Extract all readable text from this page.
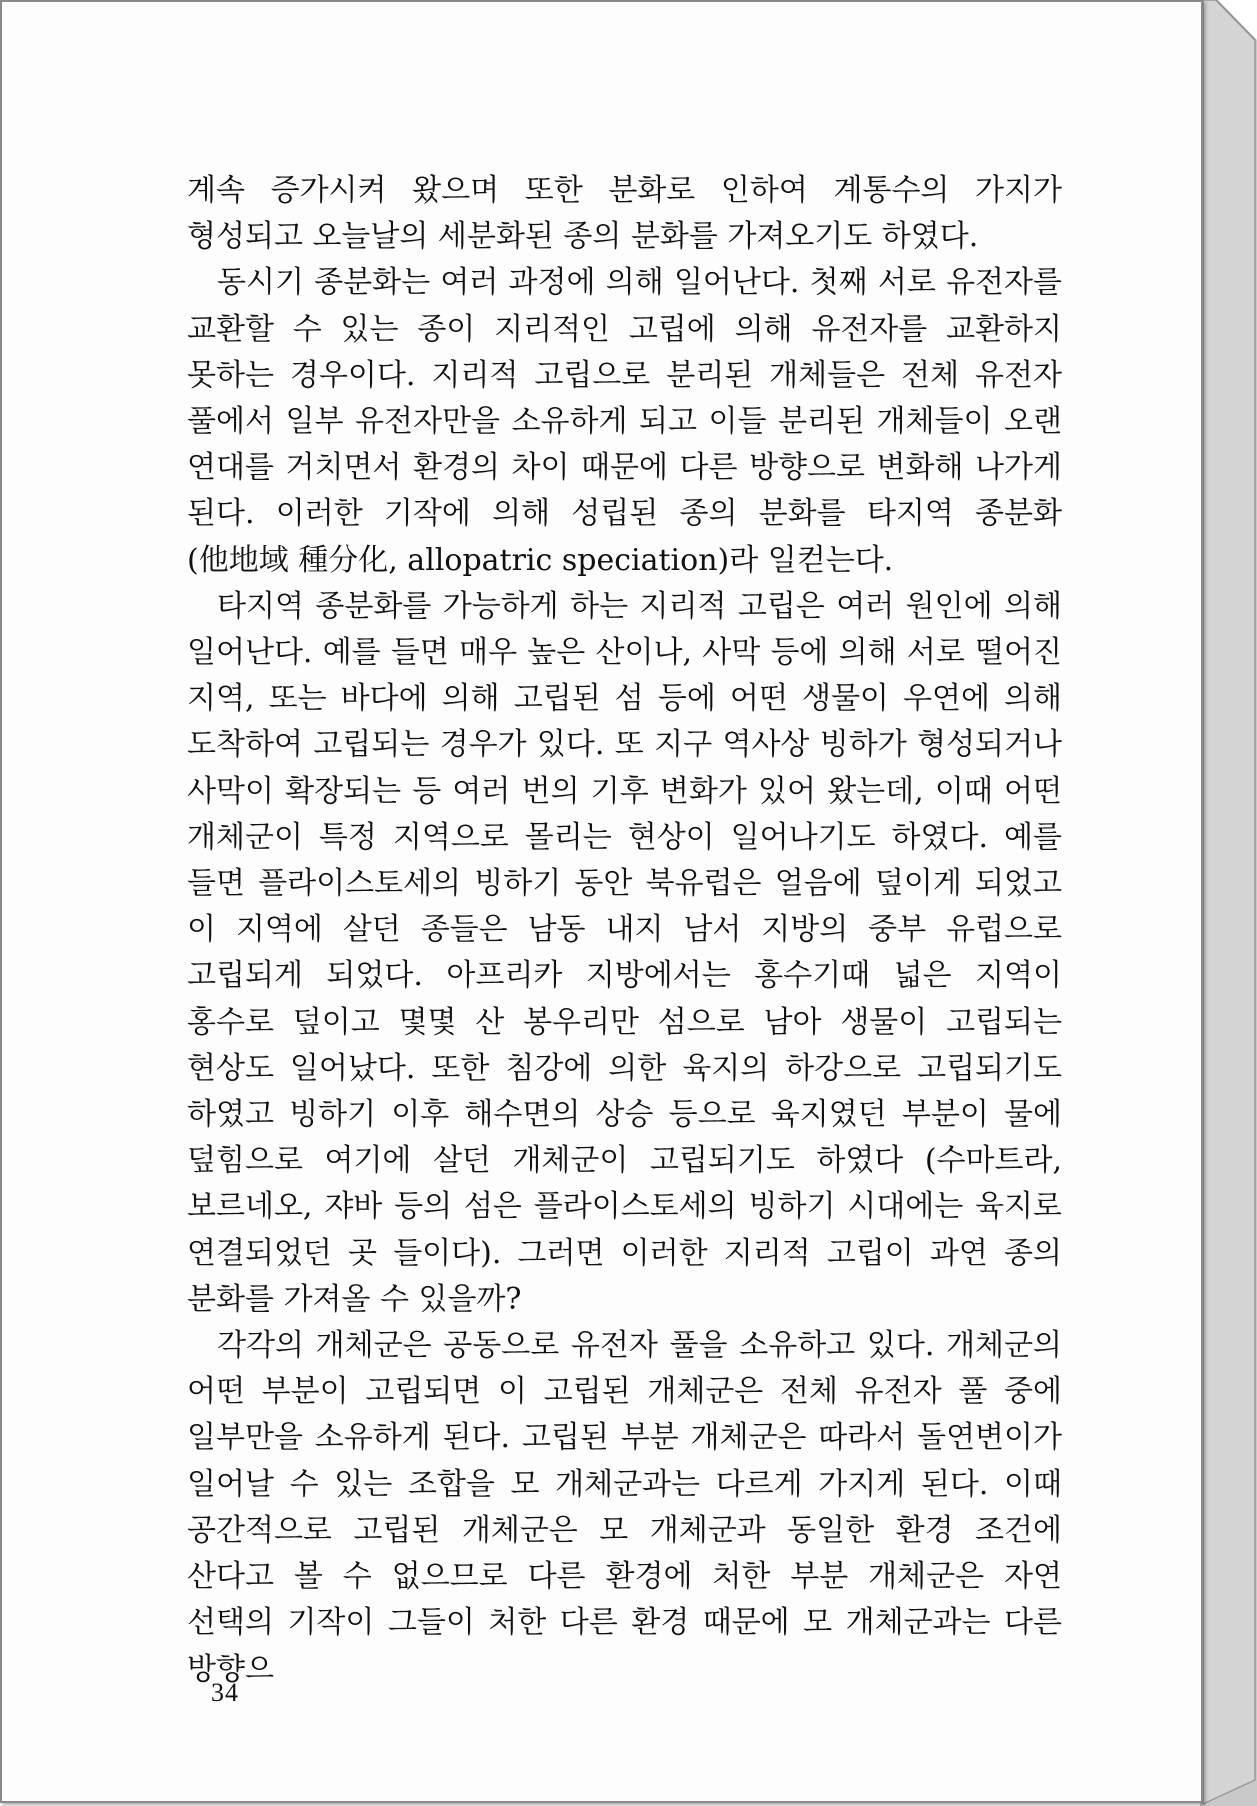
계속 증가시켜 왔으며 또한 분화로 인하여 계통수의 가지가 형성되고 오늘날의 세분화된 종의 분화를 가져오기도 하였다.

동시기 종분화는 여러 과정에 의해 일어난다. 첫째 서로 유전자를 교환할 수 있는 종이 지리적인 고립에 의해 유전자를 교환하지 못하는 경우이다. 지리적 고립으로 분리된 개체들은 전체 유전자 풀에서 일부 유전자만을 소유하게 되고 이들 분리된 개체들이 오랜 연대를 거치면서 환경의 차이 때문에 다른 방향으로 변화해 나가게 된다. 이러한 기작에 의해 성립된 종의 분화를 타지역 종분화(他地域 種分化, allopatric speciation)라 일컫는다.

타지역 종분화를 가능하게 하는 지리적 고립은 여러 원인에 의해 일어난다. 예를 들면 매우 높은 산이나, 사막 등에 의해 서로 떨어진 지역, 또는 바다에 의해 고립된 섬 등에 어떤 생물이 우연에 의해 도착하여 고립되는 경우가 있다. 또 지구 역사상 빙하가 형성되거나 사막이 확장되는 등 여러 번의 기후 변화가 있어 왔는데, 이때 어떤 개체군이 특정 지역으로 몰리는 현상이 일어나기도 하였다. 예를 들면 플라이스토세의 빙하기 동안 북유럽은 얼음에 덮이게 되었고 이 지역에 살던 종들은 남동 내지 남서 지방의 중부 유럽으로 고립되게 되었다. 아프리카 지방에서는 홍수기때 넓은 지역이 홍수로 덮이고 몇몇 산 봉우리만 섬으로 남아 생물이 고립되는 현상도 일어났다. 또한 침강에 의한 육지의 하강으로 고립되기도 하였고 빙하기 이후 해수면의 상승 등으로 육지였던 부분이 물에 덮힘으로 여기에 살던 개체군이 고립되기도 하였다 (수마트라, 보르네오, 쟈바 등의 섬은 플라이스토세의 빙하기 시대에는 육지로 연결되었던 곳 들이다). 그러면 이러한 지리적 고립이 과연 종의 분화를 가져올 수 있을까?

각각의 개체군은 공동으로 유전자 풀을 소유하고 있다. 개체군의 어떤 부분이 고립되면 이 고립된 개체군은 전체 유전자 풀 중에 일부만을 소유하게 된다. 고립된 부분 개체군은 따라서 돌연변이가 일어날 수 있는 조합을 모 개체군과는 다르게 가지게 된다. 이때 공간적으로 고립된 개체군은 모 개체군과 동일한 환경 조건에 산다고 볼 수 없으므로 다른 환경에 처한 부분 개체군은 자연 선택의 기작이 그들이 처한 다른 환경 때문에 모 개체군과는 다른 방향으

34
